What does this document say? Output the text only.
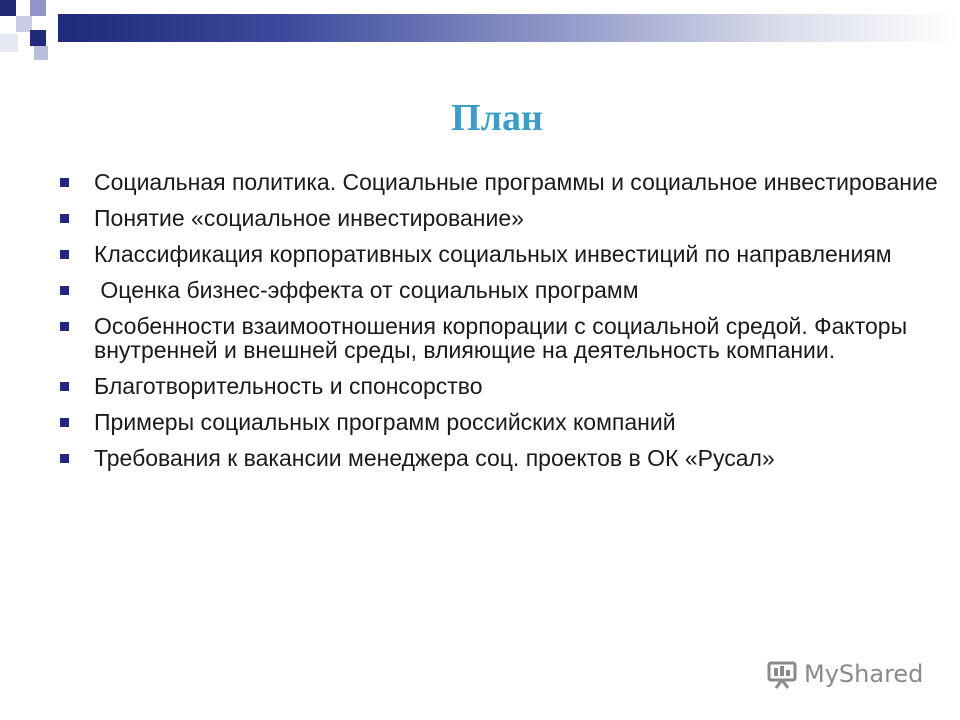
План
Социальная политика. Социальные программы и социальное инвестирование
Понятие «социальное инвестирование»
Классификация корпоративных социальных инвестиций по направлениям
Оценка бизнес-эффекта от социальных программ
Особенности взаимоотношения корпорации с социальной средой. Факторы внутренней и внешней среды, влияющие на деятельность компании.
Благотворительность и спонсорство
Примеры социальных программ российских компаний
Требования к вакансии менеджера соц. проектов в ОК «Русал»
MyShared
